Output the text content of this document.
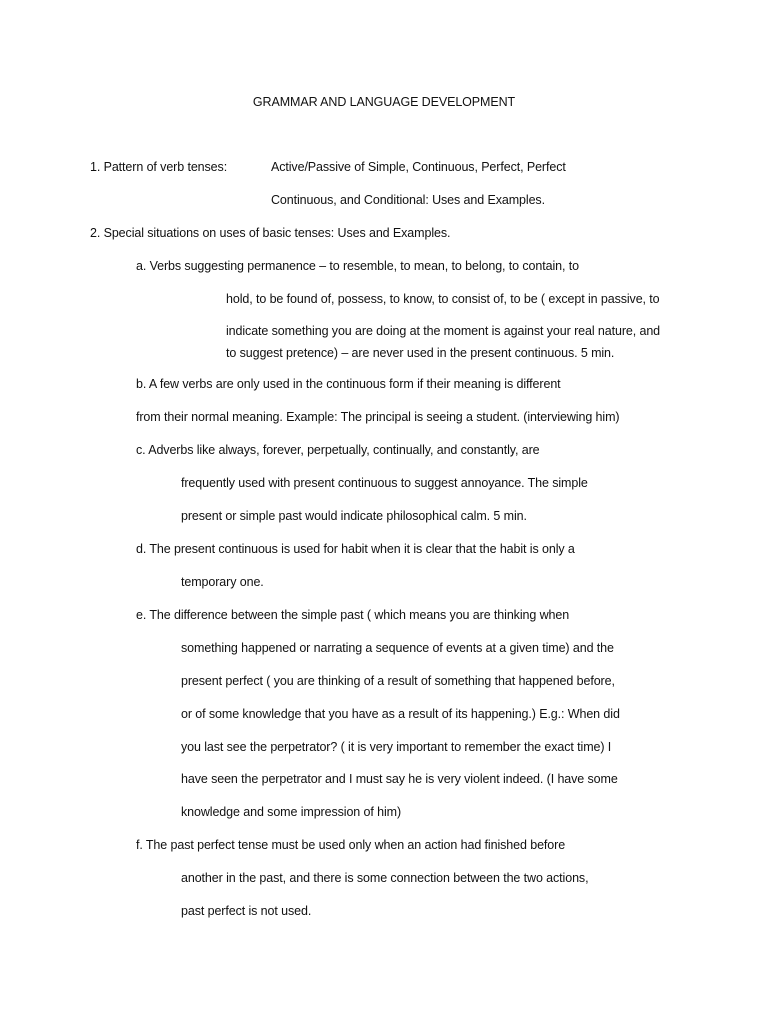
GRAMMAR AND LANGUAGE DEVELOPMENT
1. Pattern of verb tenses:	Active/Passive of Simple, Continuous, Perfect, Perfect
Continuous, and Conditional: Uses and Examples.
2. Special situations on uses of basic tenses: Uses and Examples.
a. Verbs suggesting permanence – to resemble, to mean, to belong, to contain, to
hold, to be found of, possess, to know, to consist of, to be ( except in passive, to
indicate something you are doing at the moment is against your real nature, and
to suggest pretence) – are never used in the present continuous. 5 min.
b. A few verbs are only used in the continuous form if their meaning is different
from their normal meaning. Example: The principal is seeing a student. (interviewing him)
c. Adverbs like always, forever, perpetually, continually, and constantly, are
frequently used with present continuous to suggest annoyance. The simple
present or simple past would indicate philosophical calm. 5 min.
d. The present continuous is used for habit when it is clear that the habit is only a
temporary one.
e. The difference between the simple past ( which means you are thinking when
something happened or narrating a sequence of events at a given time) and the
present perfect ( you are thinking of a result of something that happened before,
or of some knowledge that you have as a result of its happening.) E.g.: When did
you last see the perpetrator? ( it is very important to remember the exact time) I
have seen the perpetrator and I must say he is very violent indeed. (I have some
knowledge and some impression of him)
f. The past perfect tense must be used only when an action had finished before
another in the past, and there is some connection between the two actions,
past perfect is not used.
